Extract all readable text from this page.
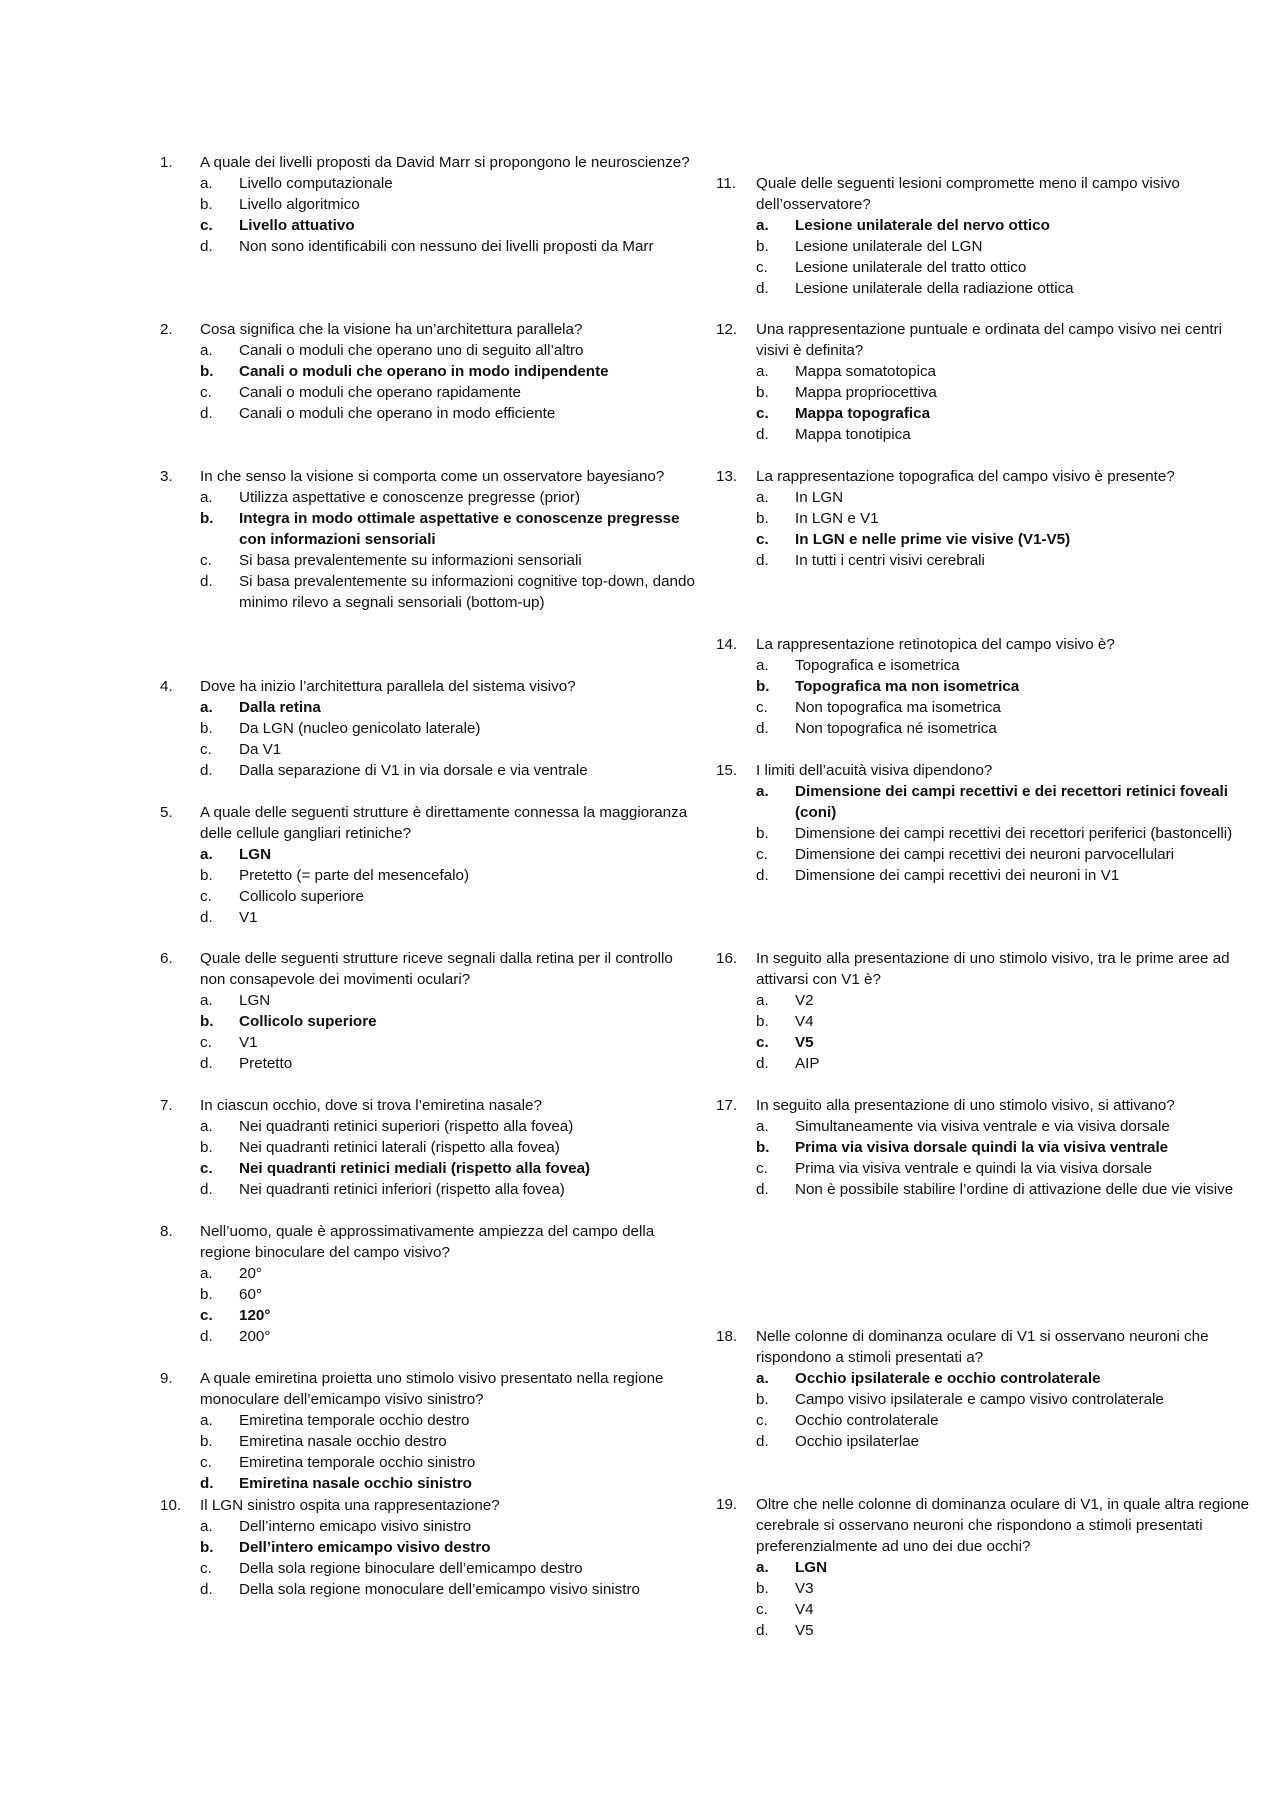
1. A quale dei livelli proposti da David Marr si propongono le neuroscienze?
a. Livello computazionale
b. Livello algoritmico
c. Livello attuativo
d. Non sono identificabili con nessuno dei livelli proposti da Marr
2. Cosa significa che la visione ha un’architettura parallela?
a. Canali o moduli che operano uno di seguito all’altro
b. Canali o moduli che operano in modo indipendente
c. Canali o moduli che operano rapidamente
d. Canali o moduli che operano in modo efficiente
3. In che senso la visione si comporta come un osservatore bayesiano?
a. Utilizza aspettative e conoscenze pregresse (prior)
b. Integra in modo ottimale aspettative e conoscenze pregresse con informazioni sensoriali
c. Si basa prevalentemente su informazioni sensoriali
d. Si basa prevalentemente su informazioni cognitive top-down, dando minimo rilevo a segnali sensoriali (bottom-up)
4. Dove ha inizio l’architettura parallela del sistema visivo?
a. Dalla retina
b. Da LGN (nucleo genicolato laterale)
c. Da V1
d. Dalla separazione di V1 in via dorsale e via ventrale
5. A quale delle seguenti strutture è direttamente connessa la maggioranza delle cellule gangliari retiniche?
a. LGN
b. Pretetto (= parte del mesencefalo)
c. Collicolo superiore
d. V1
6. Quale delle seguenti strutture riceve segnali dalla retina per il controllo non consapevole dei movimenti oculari?
a. LGN
b. Collicolo superiore
c. V1
d. Pretetto
7. In ciascun occhio, dove si trova l’emiretina nasale?
a. Nei quadranti retinici superiori (rispetto alla fovea)
b. Nei quadranti retinici laterali (rispetto alla fovea)
c. Nei quadranti retinici mediali (rispetto alla fovea)
d. Nei quadranti retinici inferiori (rispetto alla fovea)
8. Nell’uomo, quale è approssimativamente ampiezza del campo della regione binoculare del campo visivo?
a. 20°
b. 60°
c. 120°
d. 200°
9. A quale emiretina proietta uno stimolo visivo presentato nella regione monoculare dell’emicampo visivo sinistro?
a. Emiretina temporale occhio destro
b. Emiretina nasale occhio destro
c. Emiretina temporale occhio sinistro
d. Emiretina nasale occhio sinistro
10. Il LGN sinistro ospita una rappresentazione?
a. Dell’interno emicapo visivo sinistro
b. Dell’intero emicampo visivo destro
c. Della sola regione binoculare dell’emicampo destro
d. Della sola regione monoculare dell’emicampo visivo sinistro
11. Quale delle seguenti lesioni compromette meno il campo visivo dell’osservatore?
a. Lesione unilaterale del nervo ottico
b. Lesione unilaterale del LGN
c. Lesione unilaterale del tratto ottico
d. Lesione unilaterale della radiazione ottica
12. Una rappresentazione puntuale e ordinata del campo visivo nei centri visivi è definita?
a. Mappa somatotopica
b. Mappa propriocettiva
c. Mappa topografica
d. Mappa tonotipica
13. La rappresentazione topografica del campo visivo è presente?
a. In LGN
b. In LGN e V1
c. In LGN e nelle prime vie visive (V1-V5)
d. In tutti i centri visivi cerebrali
14. La rappresentazione retinotopica del campo visivo è?
a. Topografica e isometrica
b. Topografica ma non isometrica
c. Non topografica ma isometrica
d. Non topografica né isometrica
15. I limiti dell’acuità visiva dipendono?
a. Dimensione dei campi recettivi e dei recettori retinici foveali (coni)
b. Dimensione dei campi recettivi dei recettori periferici (bastoncelli)
c. Dimensione dei campi recettivi dei neuroni parvocellulari
d. Dimensione dei campi recettivi dei neuroni in V1
16. In seguito alla presentazione di uno stimolo visivo, tra le prime aree ad attivarsi con V1 è?
a. V2
b. V4
c. V5
d. AIP
17. In seguito alla presentazione di uno stimolo visivo, si attivano?
a. Simultaneamente via visiva ventrale e via visiva dorsale
b. Prima via visiva dorsale quindi la via visiva ventrale
c. Prima via visiva ventrale e quindi la via visiva dorsale
d. Non è possibile stabilire l’ordine di attivazione delle due vie visive
18. Nelle colonne di dominanza oculare di V1 si osservano neuroni che rispondono a stimoli presentati a?
a. Occhio ipsilaterale e occhio controlaterale
b. Campo visivo ipsilaterale e campo visivo controlaterale
c. Occhio controlaterale
d. Occhio ipsilaterlae
19. Oltre che nelle colonne di dominanza oculare di V1, in quale altra regione cerebrale si osservano neuroni che rispondono a stimoli presentati preferenzialmente ad uno dei due occhi?
a. LGN
b. V3
c. V4
d. V5
